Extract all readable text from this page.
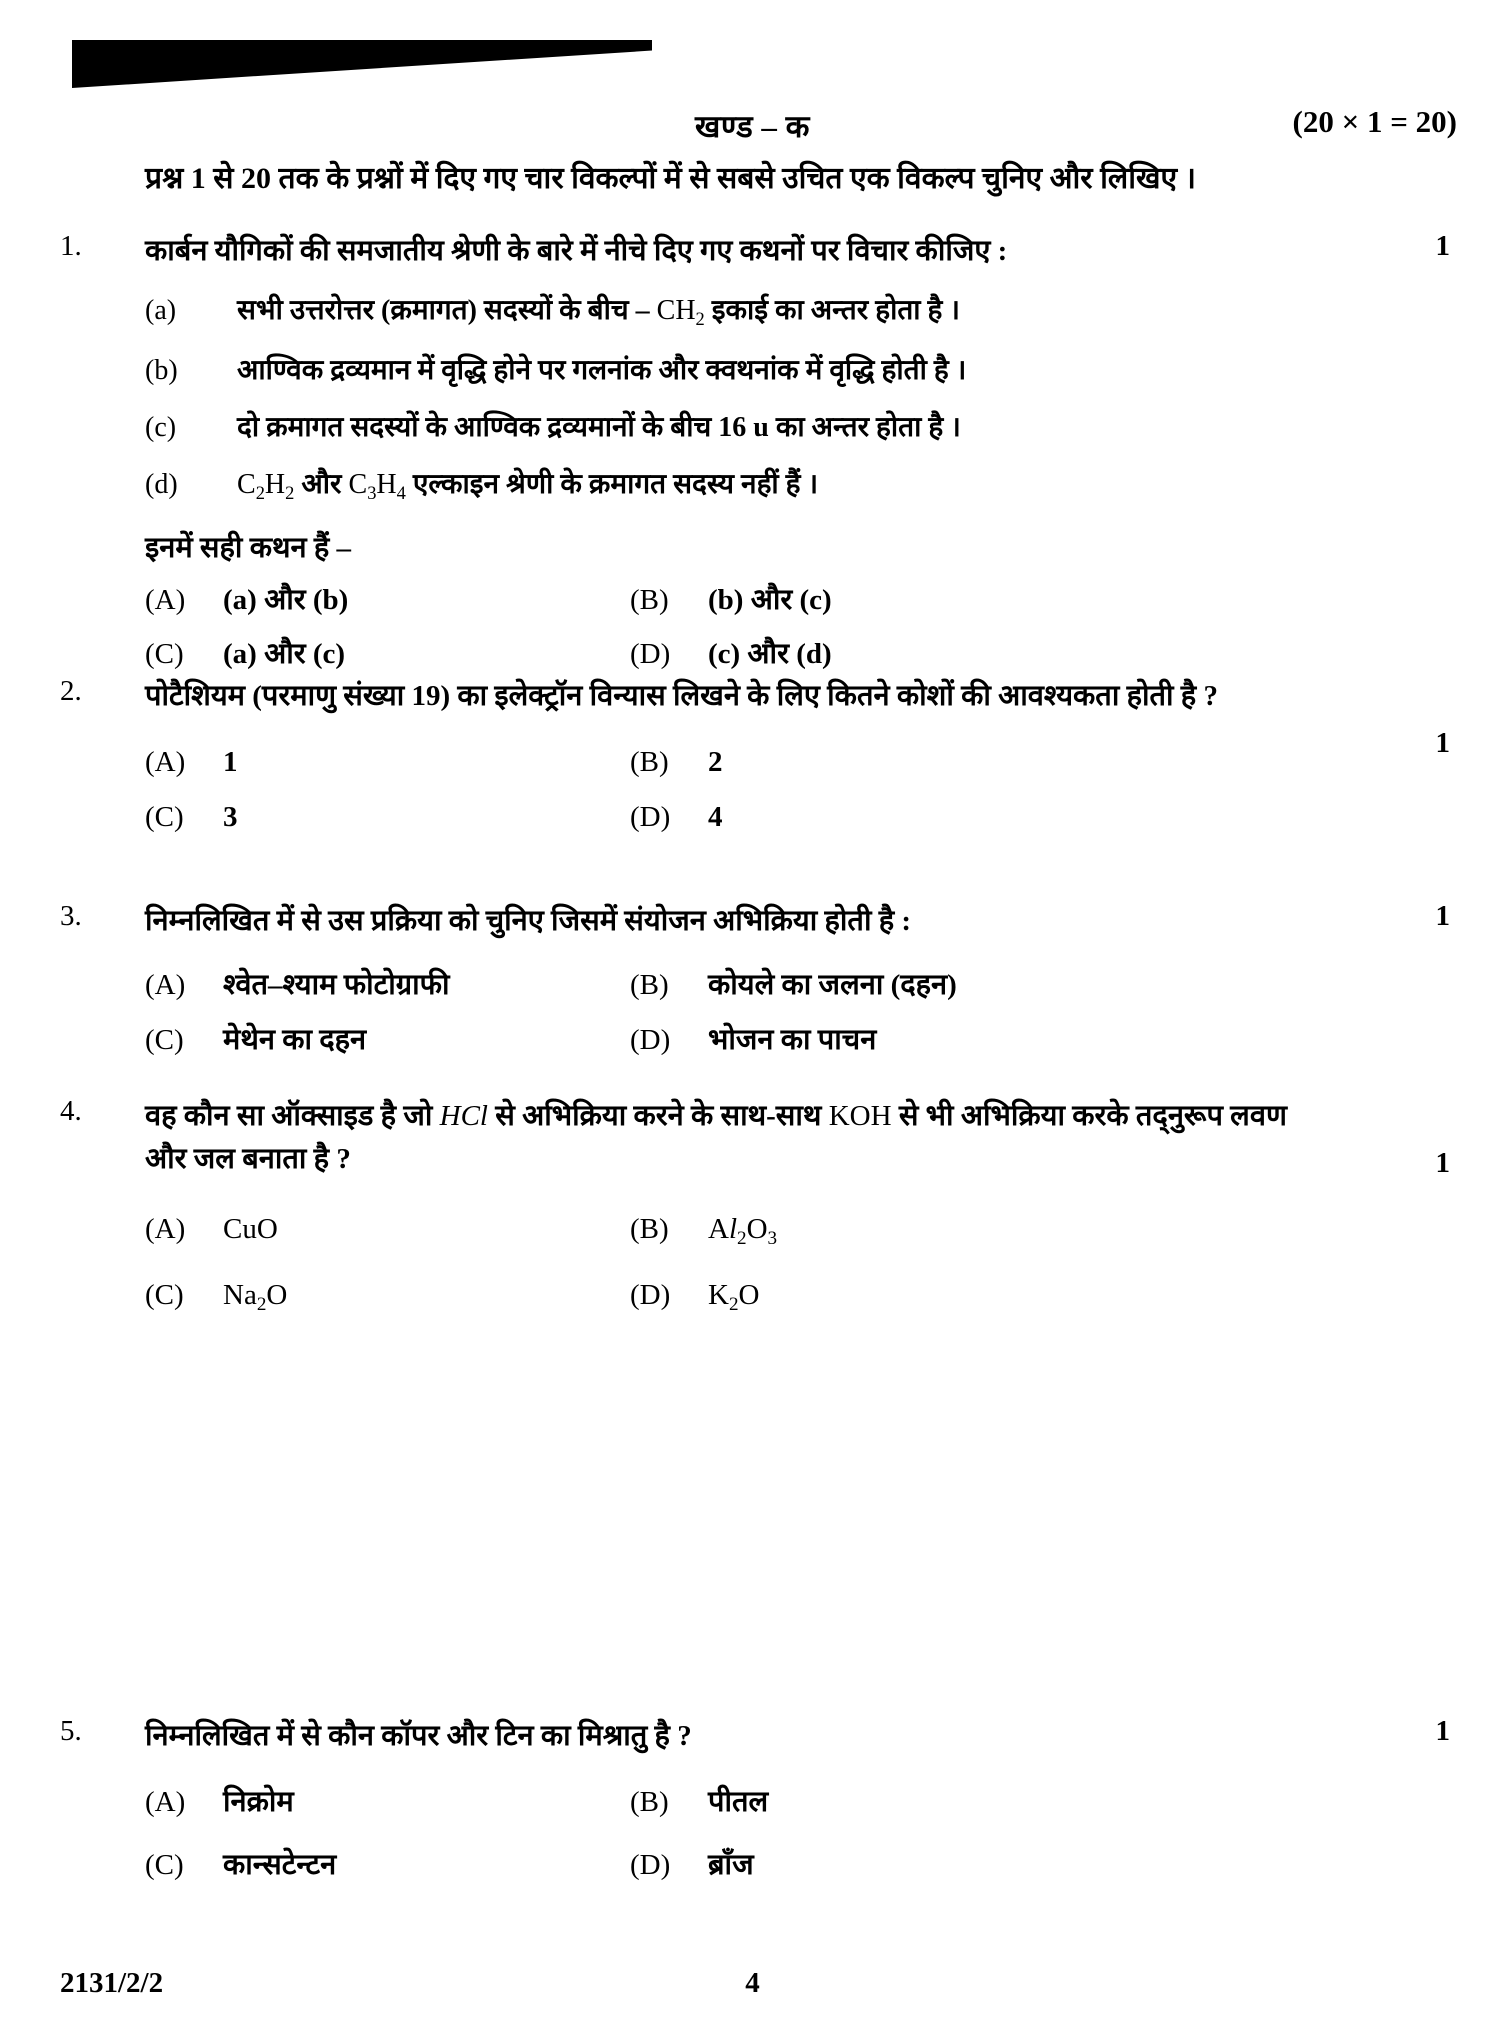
खण्ड – क	(20 × 1 = 20)
प्रश्न 1 से 20 तक के प्रश्नों में दिए गए चार विकल्पों में से सबसे उचित एक विकल्प चुनिए और लिखिए ।
1.	कार्बन यौगिकों की समजातीय श्रेणी के बारे में नीचे दिए गए कथनों पर विचार कीजिए :	1
(a)	सभी उत्तरोत्तर (क्रमागत) सदस्यों के बीच – $CH_2$ इकाई का अन्तर होता है ।
(b)	आण्विक द्रव्यमान में वृद्धि होने पर गलनांक और क्वथनांक में वृद्धि होती है ।
(c)	दो क्रमागत सदस्यों के आण्विक द्रव्यमानों के बीच 16 u का अन्तर होता है ।
(d)	$C_2H_2$ और $C_3H_4$ एल्काइन श्रेणी के क्रमागत सदस्य नहीं हैं ।
इनमें सही कथन हैं –
(A)	(a) और (b)	(B)	(b) और (c)
(C)	(a) और (c)	(D)	(c) और (d)
2.	पोटैशियम (परमाणु संख्या 19) का इलेक्ट्रॉन विन्यास लिखने के लिए कितने कोशों की आवश्यकता होती है ?
1
(A)	1	(B)	2
(C)	3	(D)	4
3.	निम्नलिखित में से उस प्रक्रिया को चुनिए जिसमें संयोजन अभिक्रिया होती है :	1
(A)	श्वेत–श्याम फोटोग्राफी	(B)	कोयले का जलना (दहन)
(C)	मेथेन का दहन	(D)	भोजन का पाचन
4.	वह कौन सा ऑक्साइड है जो HCl से अभिक्रिया करने के साथ-साथ KOH से भी अभिक्रिया करके तद्नुरूप लवण और जल बनाता है ?	1
(A)	CuO	(B)	$Al_2O_3$
(C)	$Na_2O$	(D)	$K_2O$
5.	निम्नलिखित में से कौन कॉपर और टिन का मिश्रातु है ?	1
(A)	निक्रोम	(B)	पीतल
(C)	कान्सटेन्टन	(D)	ब्राँज
2131/2/2	4
